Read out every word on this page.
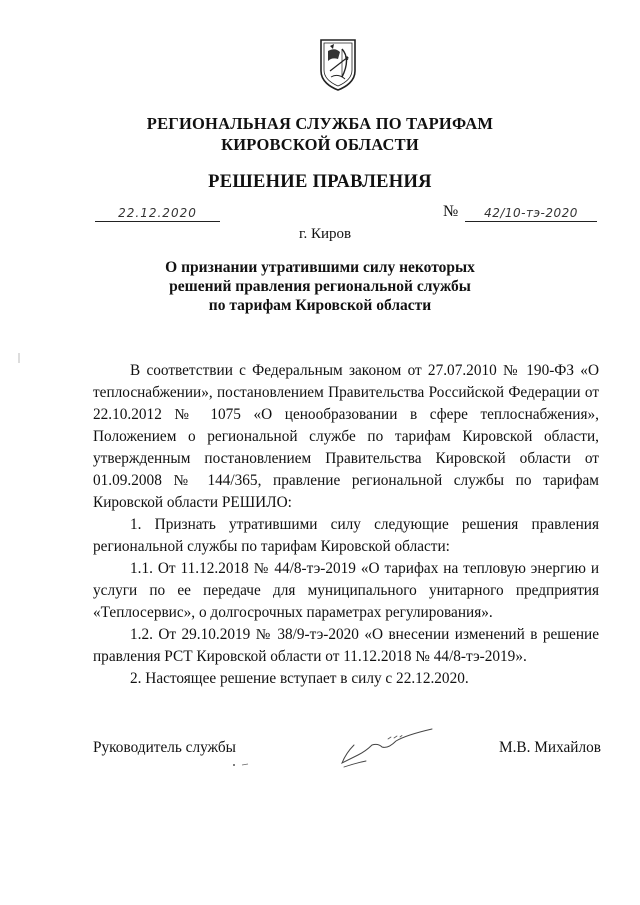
РЕГИОНАЛЬНАЯ СЛУЖБА ПО ТАРИФАМ
КИРОВСКОЙ ОБЛАСТИ
РЕШЕНИЕ ПРАВЛЕНИЯ
22.12.2020	№	42/10-тэ-2020
г. Киров
О признании утратившими силу некоторых
решений правления региональной службы
по тарифам Кировской области

В соответствии с Федеральным законом от 27.07.2010 № 190-ФЗ «О теплоснабжении», постановлением Правительства Российской Федерации от 22.10.2012 № 1075 «О ценообразовании в сфере теплоснабжения», Положением о региональной службе по тарифам Кировской области, утвержденным постановлением Правительства Кировской области от 01.09.2008 № 144/365, правление региональной службы по тарифам Кировской области РЕШИЛО:

1. Признать утратившими силу следующие решения правления региональной службы по тарифам Кировской области:

1.1. От 11.12.2018 № 44/8-тэ-2019 «О тарифах на тепловую энергию и услуги по ее передаче для муниципального унитарного предприятия «Теплосервис», о долгосрочных параметрах регулирования».

1.2. От 29.10.2019 № 38/9-тэ-2020 «О внесении изменений в решение правления РСТ Кировской области от 11.12.2018 № 44/8-тэ-2019».

2. Настоящее решение вступает в силу с 22.12.2020.

Руководитель службы	М.В. Михайлов
